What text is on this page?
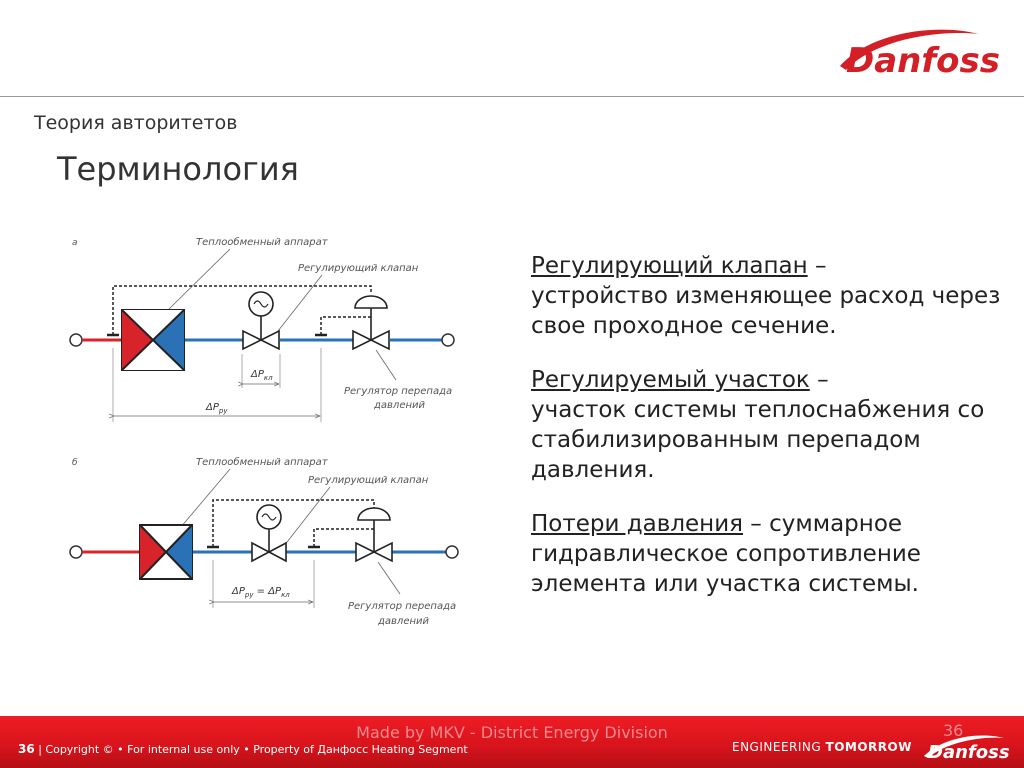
Danfoss
Теория авторитетов
Терминология
а	Теплообменный аппарат
Регулирующий клапан
$\Delta P_{кл}$
$\Delta P_{ру}$
Регулятор перепада
давлений
б	Теплообменный аппарат
Регулирующий клапан
$\Delta P_{ру} = \Delta P_{кл}$
Регулятор перепада
давлений

Регулирующий клапан –
устройство изменяющее расход через свое проходное сечение.

Регулируемый участок –
участок системы теплоснабжения со стабилизированным перепадом давления.

Потери давления – суммарное
гидравлическое сопротивление элемента или участка системы.

Made by MKV - District Energy Division	36
36 | Copyright © • For internal use only • Property of Данфосс Heating Segment	ENGINEERING TOMORROW Danfoss
